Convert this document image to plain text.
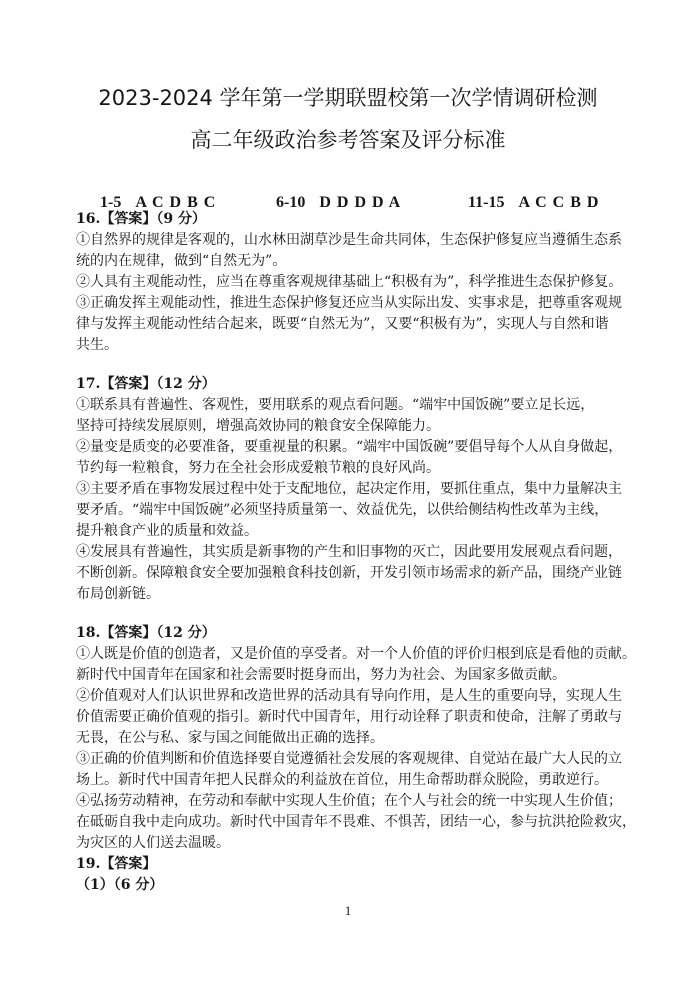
2023-2024 学年第一学期联盟校第一次学情调研检测
高二年级政治参考答案及评分标准

1-5 A C D B C
	6-10 D D D D A
	11-15 A C C B D

16.【答案】（9 分）
①自然界的规律是客观的，山水林田湖草沙是生命共同体，生态保护修复应当遵循生态系
统的内在规律，做到“自然无为”。
②人具有主观能动性，应当在尊重客观规律基础上“积极有为”，科学推进生态保护修复。
③正确发挥主观能动性，推进生态保护修复还应当从实际出发、实事求是，把尊重客观规
律与发挥主观能动性结合起来，既要“自然无为”，又要“积极有为”，实现人与自然和谐
共生。
17.【答案】（12 分）
①联系具有普遍性、客观性，要用联系的观点看问题。“端牢中国饭碗”要立足长远，
坚持可持续发展原则，增强高效协同的粮食安全保障能力。
②量变是质变的必要准备，要重视量的积累。“端牢中国饭碗”要倡导每个人从自身做起，
节约每一粒粮食，努力在全社会形成爱粮节粮的良好风尚。
③主要矛盾在事物发展过程中处于支配地位，起决定作用，要抓住重点，集中力量解决主
要矛盾。“端牢中国饭碗”必须坚持质量第一、效益优先，以供给侧结构性改革为主线，
提升粮食产业的质量和效益。
④发展具有普遍性，其实质是新事物的产生和旧事物的灭亡，因此要用发展观点看问题，
不断创新。保障粮食安全要加强粮食科技创新，开发引领市场需求的新产品，围绕产业链
布局创新链。
18.【答案】（12 分）
①人既是价值的创造者，又是价值的享受者。对一个人价值的评价归根到底是看他的贡献。
新时代中国青年在国家和社会需要时挺身而出，努力为社会、为国家多做贡献。
②价值观对人们认识世界和改造世界的活动具有导向作用，是人生的重要向导，实现人生
价值需要正确价值观的指引。新时代中国青年，用行动诠释了职责和使命，注解了勇敢与
无畏，在公与私、家与国之间能做出正确的选择。
③正确的价值判断和价值选择要自觉遵循社会发展的客观规律、自觉站在最广大人民的立
场上。新时代中国青年把人民群众的利益放在首位，用生命帮助群众脱险，勇敢逆行。
④弘扬劳动精神，在劳动和奉献中实现人生价值；在个人与社会的统一中实现人生价值；
在砥砺自我中走向成功。新时代中国青年不畏难、不惧苦，团结一心，参与抗洪抢险救灾，
为灾区的人们送去温暖。
19.【答案】
（1）（6 分）
1
